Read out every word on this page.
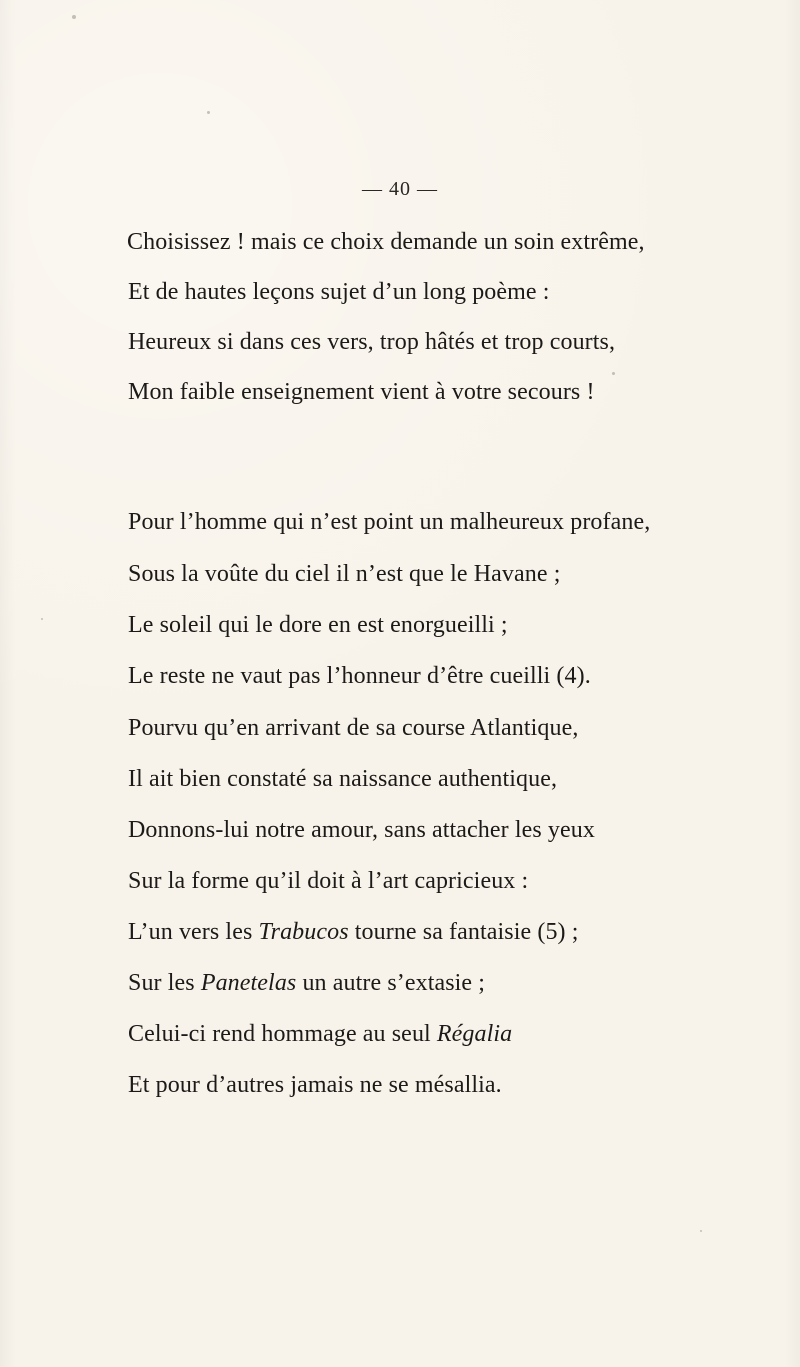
— 40 —
Choisissez ! mais ce choix demande un soin extrême,
Et de hautes leçons sujet d’un long poème :
Heureux si dans ces vers, trop hâtés et trop courts,
Mon faible enseignement vient à votre secours !
Pour l’homme qui n’est point un malheureux profane,
Sous la voûte du ciel il n’est que le Havane ;
Le soleil qui le dore en est enorgueilli ;
Le reste ne vaut pas l’honneur d’être cueilli (4).
Pourvu qu’en arrivant de sa course Atlantique,
Il ait bien constaté sa naissance authentique,
Donnons-lui notre amour, sans attacher les yeux
Sur la forme qu’il doit à l’art capricieux :
L’un vers les Trabucos tourne sa fantaisie (5) ;
Sur les Panetelas un autre s’extasie ;
Celui-ci rend hommage au seul Régalia
Et pour d’autres jamais ne se mésallia.
